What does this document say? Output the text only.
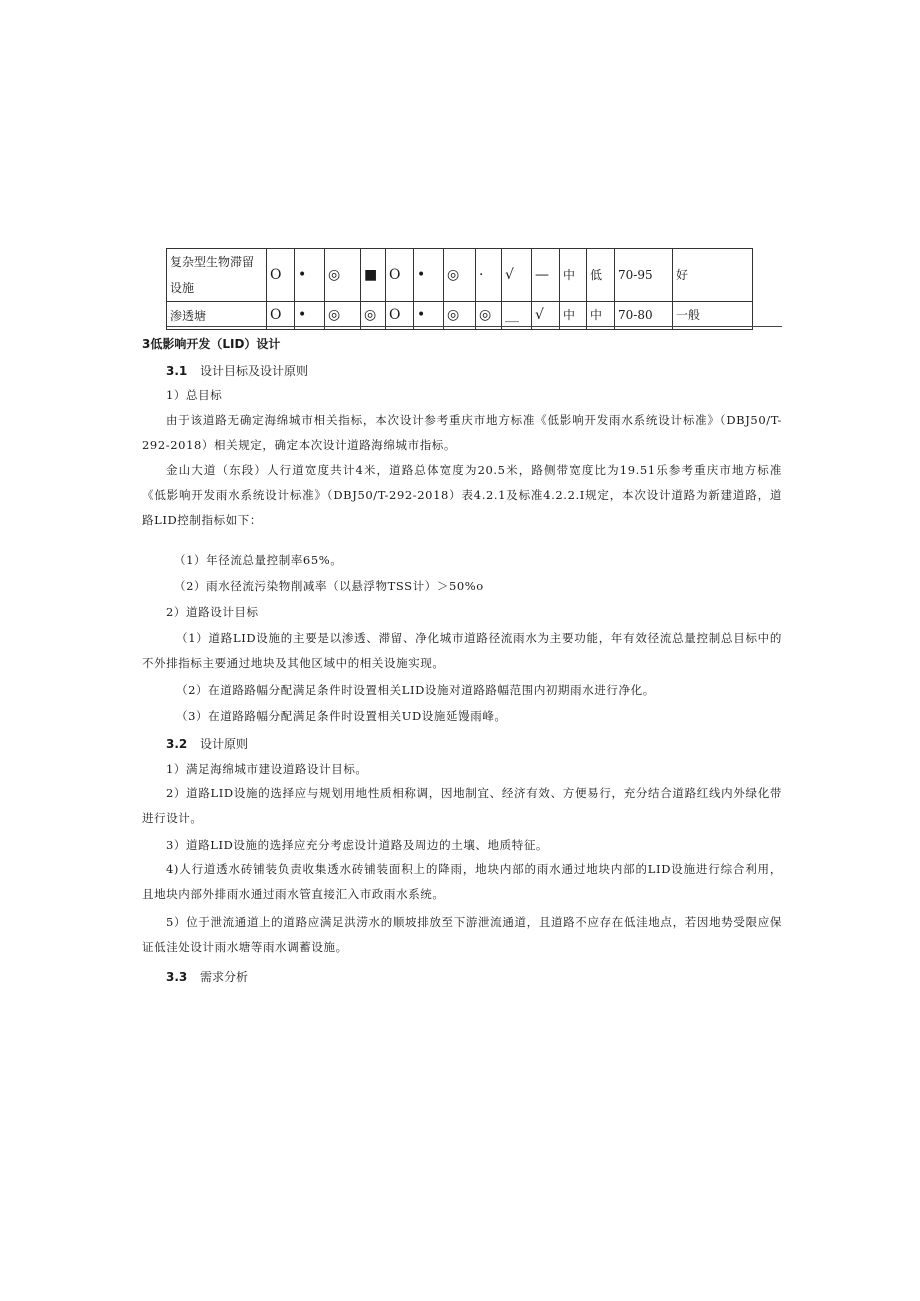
复杂型生物滞留设施	O	•	◎	■	O	•	◎	·	√	—	中	低	70-95	好
渗透塘	O	•	◎	◎	O	•	◎	◎	__	√	中	中	70-80	一般
3低影响开发（LID）设计
3.1 设计目标及设计原则
1）总目标

由于该道路无确定海绵城市相关指标，本次设计参考重庆市地方标准《低影响开发雨水系统设计标准》（DBJ50/T-292-2018）相关规定，确定本次设计道路海绵城市指标。

金山大道（东段）人行道宽度共计4米，道路总体宽度为20.5米，路侧带宽度比为19.51乐参考重庆市地方标准《低影响开发雨水系统设计标准》（DBJ50/T-292-2018）表4.2.1及标准4.2.2.I规定，本次设计道路为新建道路，道路LID控制指标如下：

（1）年径流总量控制率65%。
（2）雨水径流污染物削减率（以悬浮物TSS计）＞50%o
2）道路设计目标

（1）道路LID设施的主要是以渗透、滞留、净化城市道路径流雨水为主要功能，年有效径流总量控制总目标中的不外排指标主要通过地块及其他区域中的相关设施实现。

（2）在道路路幅分配满足条件时设置相关LID设施对道路路幅范围内初期雨水进行净化。
（3）在道路路幅分配满足条件时设置相关UD设施延馒雨峰。
3.2 设计原则
1）满足海绵城市建设道路设计目标。

2）道路LID设施的选择应与规划用地性质相称调，因地制宜、经济有效、方便易行，充分结合道路红线内外绿化带进行设计。

3）道路LID设施的选择应充分考虑设计道路及周边的土壤、地质特征。

4)人行道透水砖铺装负责收集透水砖铺装面积上的降雨，地块内部的雨水通过地块内部的LID设施进行综合利用，且地块内部外排雨水通过雨水管直接汇入市政雨水系统。

5）位于泄流通道上的道路应满足洪涝水的顺坡排放至下游泄流通道，且道路不应存在低洼地点，若因地势受限应保证低洼处设计雨水塘等雨水调蓄设施。

3.3 需求分析
